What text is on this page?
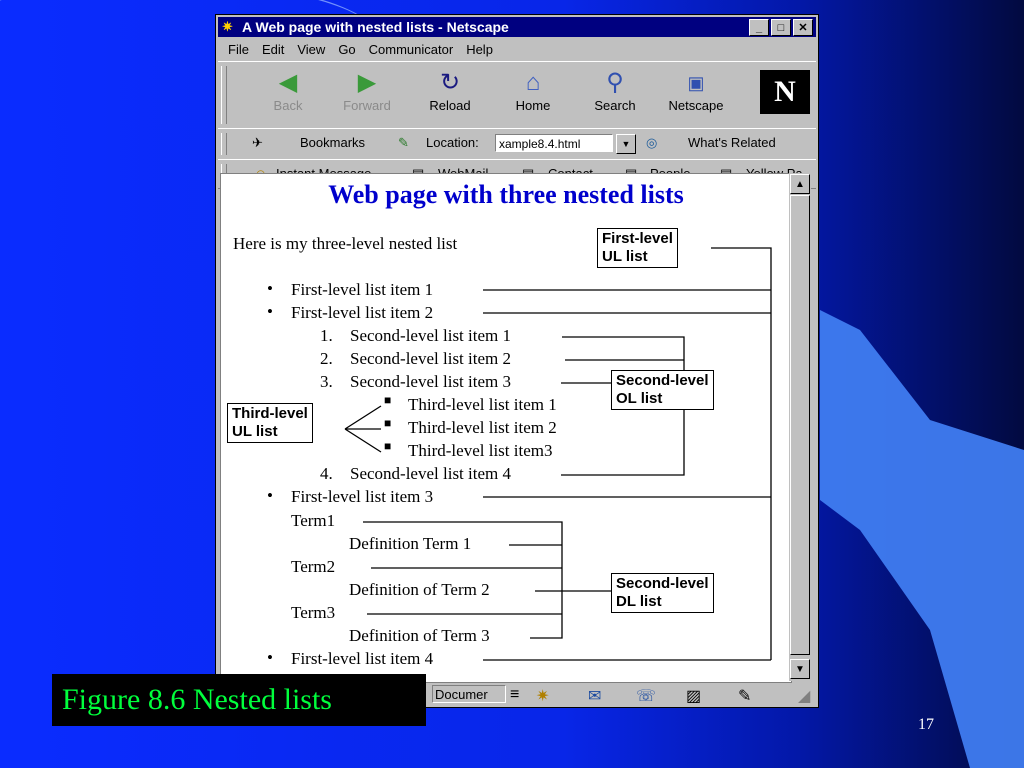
17
✷ A Web page with nested lists - Netscape	_	□	✕
File Edit View Go Communicator Help
◀
Back
▶
Forward
↻
Reload
⌂
Home
⚲
Search
▣
Netscape	N
✈	Bookmarks	✎ Location:	xample8.4.html	▼	◎ What's Related
Web page with three nested lists
Here is my three-level nested list
• First-level list item 1
• First-level list item 2
1. Second-level list item 1
2. Second-level list item 2
3. Second-level list item 3
■ Third-level list item 1
■ Third-level list item 2
■ Third-level list item3
4. Second-level list item 4
• First-level list item 3
Term1
Definition Term 1
Term2
Definition of Term 2
Term3
Definition of Term 3
• First-level list item 4
First-level
UL list
Second-level
OL list
Third-level
UL list
Second-level
DL list
▲
▼
Documer	≡ ✷ ✉ ☏ ▨ ✎	◢
Figure 8.6 Nested lists
